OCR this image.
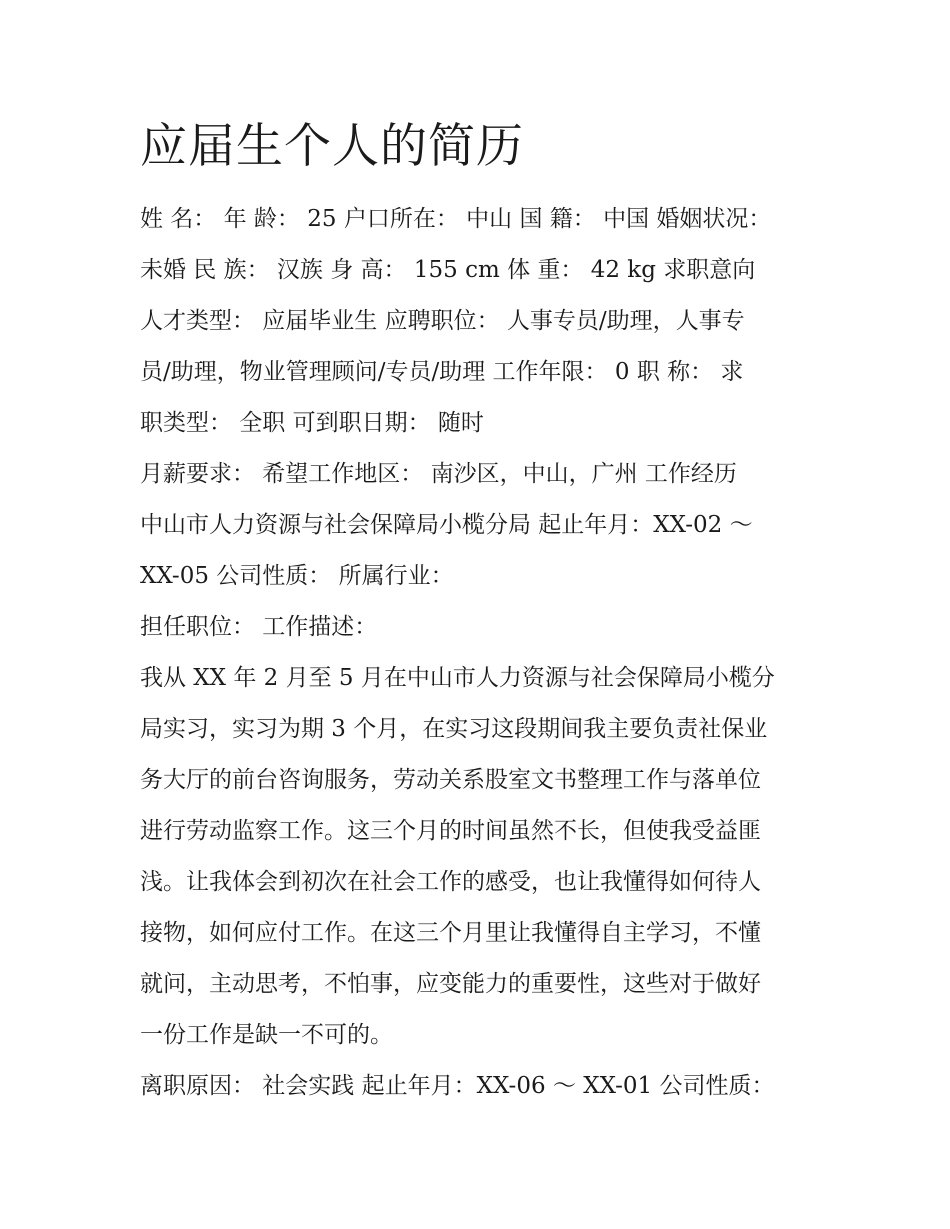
应届生个人的简历

姓 名： 年 龄： 25 户口所在： 中山 国 籍： 中国 婚姻状况：

未婚 民 族： 汉族 身 高： 155 cm 体 重： 42 kg 求职意向

人才类型： 应届毕业生 应聘职位： 人事专员/助理，人事专

员/助理，物业管理顾问/专员/助理 工作年限： 0 职 称： 求

职类型： 全职 可到职日期： 随时

月薪要求： 希望工作地区： 南沙区，中山，广州 工作经历

中山市人力资源与社会保障局小榄分局 起止年月：XX-02 ～

XX-05 公司性质： 所属行业：

担任职位： 工作描述：

我从 XX 年 2 月至 5 月在中山市人力资源与社会保障局小榄分

局实习，实习为期 3 个月，在实习这段期间我主要负责社保业

务大厅的前台咨询服务，劳动关系股室文书整理工作与落单位

进行劳动监察工作。这三个月的时间虽然不长，但使我受益匪

浅。让我体会到初次在社会工作的感受，也让我懂得如何待人

接物，如何应付工作。在这三个月里让我懂得自主学习，不懂

就问，主动思考，不怕事，应变能力的重要性，这些对于做好

一份工作是缺一不可的。

离职原因： 社会实践 起止年月：XX-06 ～ XX-01 公司性质：
